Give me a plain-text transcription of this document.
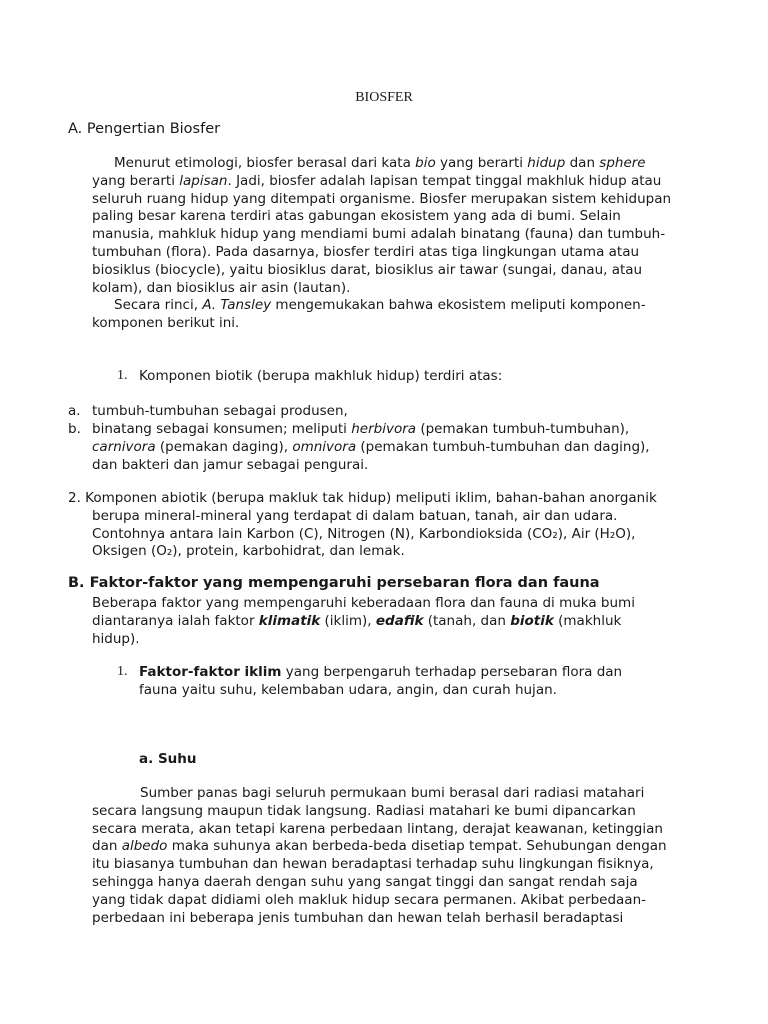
BIOSFER
A. Pengertian Biosfer
Menurut etimologi, biosfer berasal dari kata bio yang berarti hidup dan sphere
yang berarti lapisan. Jadi, biosfer adalah lapisan tempat tinggal makhluk hidup atau
seluruh ruang hidup yang ditempati organisme. Biosfer merupakan sistem kehidupan
paling besar karena terdiri atas gabungan ekosistem yang ada di bumi. Selain
manusia, mahkluk hidup yang mendiami bumi adalah binatang (fauna) dan tumbuh-
tumbuhan (flora). Pada dasarnya, biosfer terdiri atas tiga lingkungan utama atau
biosiklus (biocycle), yaitu biosiklus darat, biosiklus air tawar (sungai, danau, atau
kolam), dan biosiklus air asin (lautan).
Secara rinci, A. Tansley mengemukakan bahwa ekosistem meliputi komponen-
komponen berikut ini.
1. Komponen biotik (berupa makhluk hidup) terdiri atas:
a. tumbuh-tumbuhan sebagai produsen,
b. binatang sebagai konsumen; meliputi herbivora (pemakan tumbuh-tumbuhan),
carnivora (pemakan daging), omnivora (pemakan tumbuh-tumbuhan dan daging),
dan bakteri dan jamur sebagai pengurai.
2. Komponen abiotik (berupa makluk tak hidup) meliputi iklim, bahan-bahan anorganik
berupa mineral-mineral yang terdapat di dalam batuan, tanah, air dan udara.
Contohnya antara lain Karbon (C), Nitrogen (N), Karbondioksida (CO₂), Air (H₂O),
Oksigen (O₂), protein, karbohidrat, dan lemak.
B. Faktor-faktor yang mempengaruhi persebaran flora dan fauna
Beberapa faktor yang mempengaruhi keberadaan flora dan fauna di muka bumi
diantaranya ialah faktor klimatik (iklim), edafik (tanah, dan biotik (makhluk
hidup).
1. Faktor-faktor iklim yang berpengaruh terhadap persebaran flora dan
fauna yaitu suhu, kelembaban udara, angin, dan curah hujan.
a. Suhu
Sumber panas bagi seluruh permukaan bumi berasal dari radiasi matahari
secara langsung maupun tidak langsung. Radiasi matahari ke bumi dipancarkan
secara merata, akan tetapi karena perbedaan lintang, derajat keawanan, ketinggian
dan albedo maka suhunya akan berbeda-beda disetiap tempat. Sehubungan dengan
itu biasanya tumbuhan dan hewan beradaptasi terhadap suhu lingkungan fisiknya,
sehingga hanya daerah dengan suhu yang sangat tinggi dan sangat rendah saja
yang tidak dapat didiami oleh makluk hidup secara permanen. Akibat perbedaan-
perbedaan ini beberapa jenis tumbuhan dan hewan telah berhasil beradaptasi
